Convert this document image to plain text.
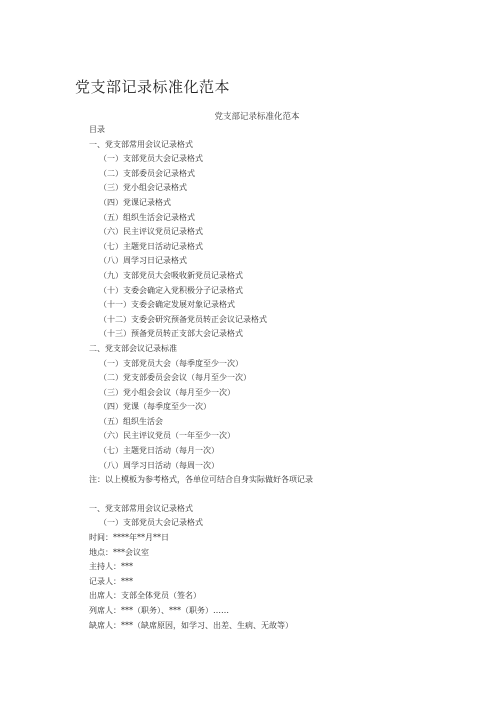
党支部记录标准化范本
党支部记录标准化范本
目录
一、党支部常用会议记录格式
（一）支部党员大会记录格式
（二）支部委员会记录格式
（三）党小组会记录格式
（四）党课记录格式
（五）组织生活会记录格式
（六）民主评议党员记录格式
（七）主题党日活动记录格式
（八）周学习日记录格式
（九）支部党员大会吸收新党员记录格式
（十）支委会确定入党积极分子记录格式
（十一）支委会确定发展对象记录格式
（十二）支委会研究预备党员转正会议记录格式
（十三）预备党员转正支部大会记录格式
二、党支部会议记录标准
（一）支部党员大会（每季度至少一次）
（二）党支部委员会会议（每月至少一次）
（三）党小组会会议（每月至少一次）
（四）党课（每季度至少一次）
（五）组织生活会
（六）民主评议党员（一年至少一次）
（七）主题党日活动（每月一次）
（八）周学习日活动（每周一次）
注：以上模板为参考格式，各单位可结合自身实际做好各项记录
一、党支部常用会议记录格式
（一）支部党员大会记录格式
时间：****年**月**日
地点：***会议室
主持人：***
记录人：***
出席人：支部全体党员（签名）
列席人：***（职务）、***（职务）……
缺席人：***（缺席原因，如学习、出差、生病、无故等）
